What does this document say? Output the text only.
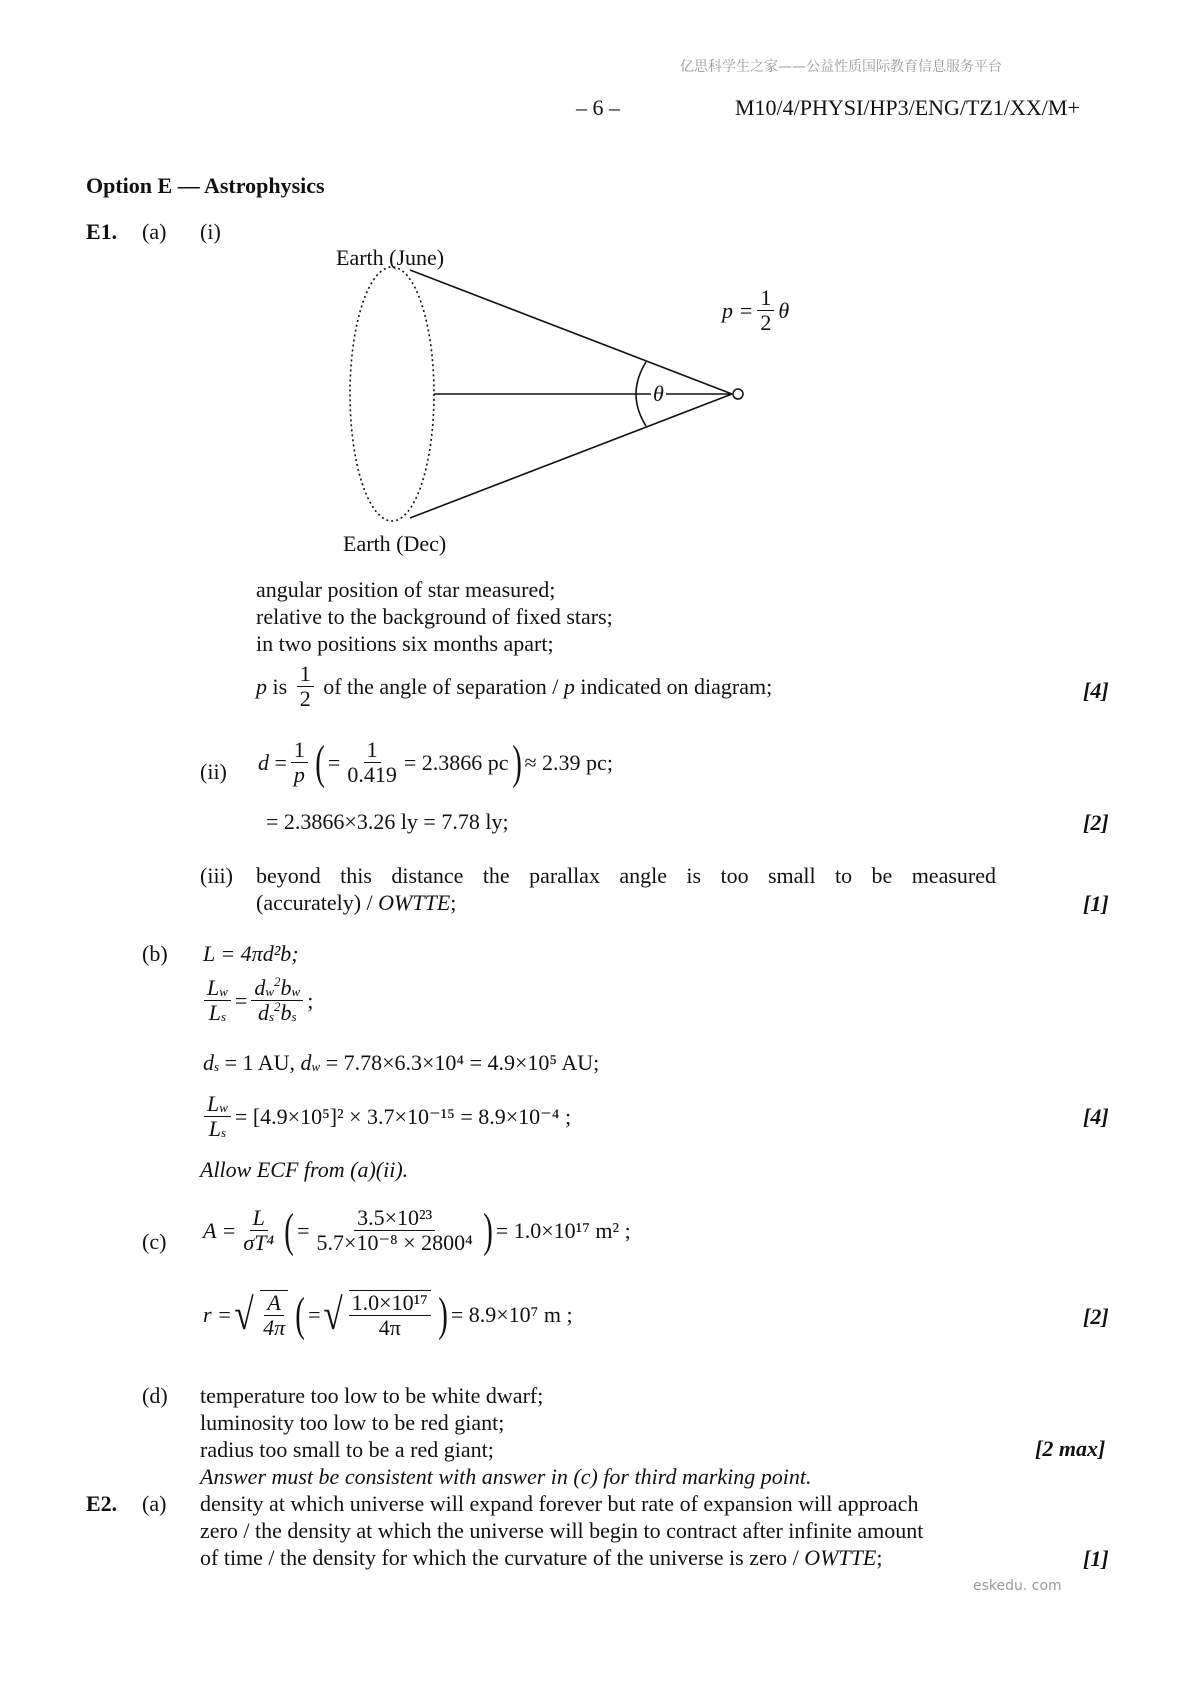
亿思科学生之家——公益性质国际教育信息服务平台
– 6 –	M10/4/PHYSI/HP3/ENG/TZ1/XX/M+
Option E — Astrophysics
E1. (a) (i)
Earth (June)
Earth (Dec)
θ
$p = \frac{1}{2}$ θ
angular position of star measured;
relative to the background of fixed stars;
in two positions six months apart;
p is $\frac{1}{2}$ of the angle of separation / p indicated on diagram;	[4]
(ii) $d = \frac{1}{p}$ ( = $\frac{1}{0.419} = 2.3866$ pc ) ≈ 2.39 pc;
= 2.3866×3.26 ly = 7.78 ly;	[2]
(iii) beyond this distance the parallax angle is too small to be measured
(accurately) / OWTTE;	[1]
(b) L = 4πd²b;
$\frac{L_w}{L_s} = \frac{d_w^2b_w}{d_s^2b_s}$ ;
$d_s = 1$ AU, $d_w = 7.78\times 6.3\times 10^4 = 4.9\times 10^5$ AU;
$\frac{L_w}{L_s} = [4.9\times 10^5]^2 \times 3.7\times 10^{-15} = 8.9\times 10^{-4}$ ;	[4]
Allow ECF from (a)(ii).
(c) $A = \frac{L}{\text{σT⁴}}$ ( = $\frac{\text{3.5×10²³}}{\text{5.7×10⁻⁸ × 2800⁴}}$ ) = 1.0×10¹⁷ m² ;
r = √ $\frac{A}{4\pi}$ ( = √ $\frac{\text{1.0×10¹⁷}}{4\pi}$ ) = 8.9×10⁷ m ;	[2]
(d) temperature too low to be white dwarf;
luminosity too low to be red giant;
radius too small to be a red giant;	[2 max]
Answer must be consistent with answer in (c) for third marking point.
E2. (a) density at which universe will expand forever but rate of expansion will approach
zero / the density at which the universe will begin to contract after infinite amount
of time / the density for which the curvature of the universe is zero / OWTTE;	[1]
eskedu. com
